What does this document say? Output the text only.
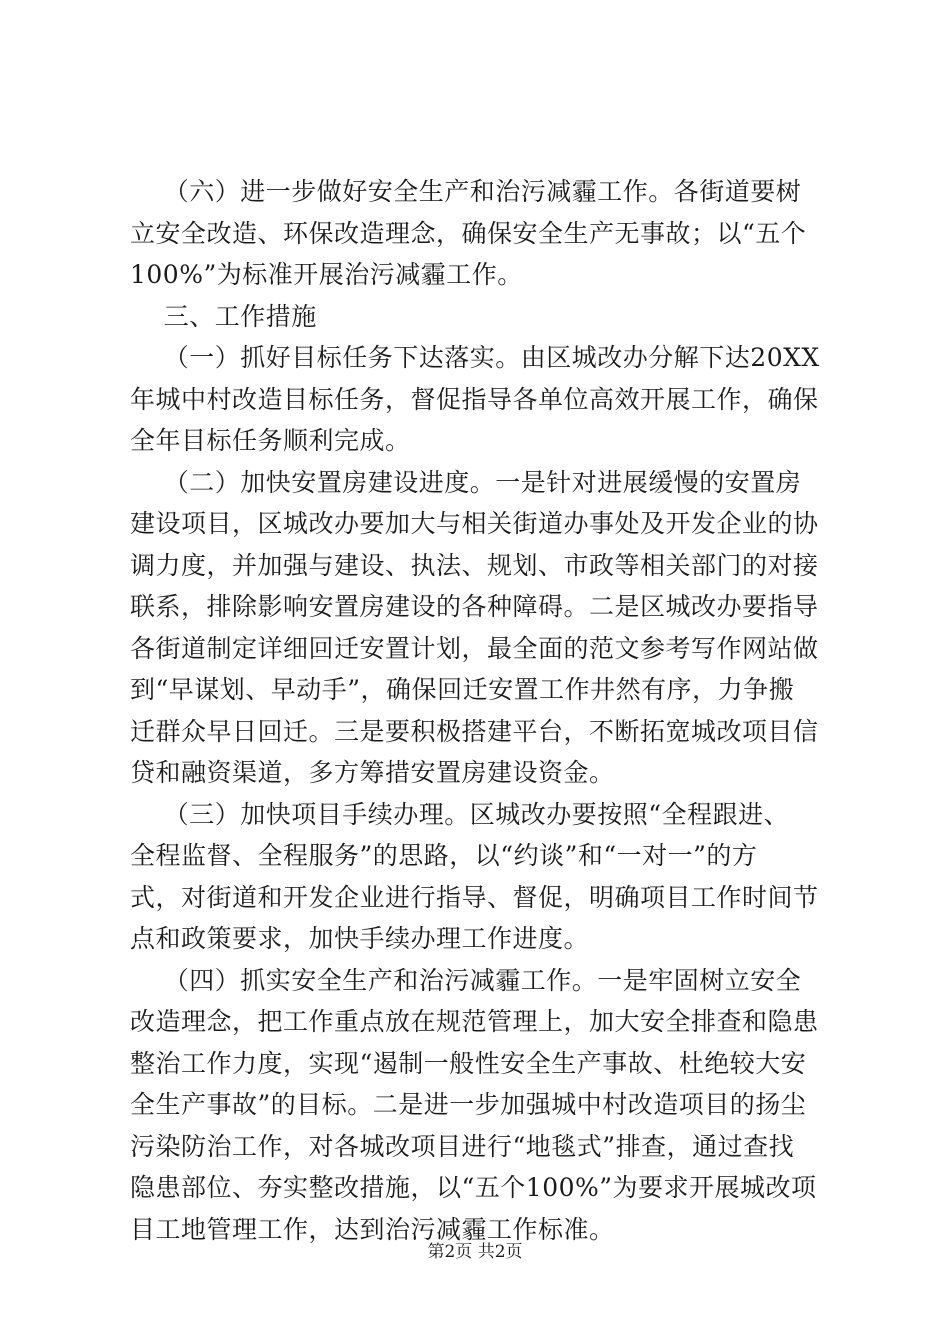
（六）进一步做好安全生产和治污减霾工作。各街道要树
立安全改造、环保改造理念，确保安全生产无事故；以“五个
100%”为标准开展治污减霾工作。
三、工作措施
（一）抓好目标任务下达落实。由区城改办分解下达20XX
年城中村改造目标任务，督促指导各单位高效开展工作，确保
全年目标任务顺利完成。
（二）加快安置房建设进度。一是针对进展缓慢的安置房
建设项目，区城改办要加大与相关街道办事处及开发企业的协
调力度，并加强与建设、执法、规划、市政等相关部门的对接
联系，排除影响安置房建设的各种障碍。二是区城改办要指导
各街道制定详细回迁安置计划，最全面的范文参考写作网站做
到“早谋划、早动手”，确保回迁安置工作井然有序，力争搬
迁群众早日回迁。三是要积极搭建平台，不断拓宽城改项目信
贷和融资渠道，多方筹措安置房建设资金。
（三）加快项目手续办理。区城改办要按照“全程跟进、
全程监督、全程服务”的思路，以“约谈”和“一对一”的方
式，对街道和开发企业进行指导、督促，明确项目工作时间节
点和政策要求，加快手续办理工作进度。
（四）抓实安全生产和治污减霾工作。一是牢固树立安全
改造理念，把工作重点放在规范管理上，加大安全排查和隐患
整治工作力度，实现“遏制一般性安全生产事故、杜绝较大安
全生产事故”的目标。二是进一步加强城中村改造项目的扬尘
污染防治工作，对各城改项目进行“地毯式”排查，通过查找
隐患部位、夯实整改措施，以“五个100%”为要求开展城改项
目工地管理工作，达到治污减霾工作标准。
第2页 共2页
